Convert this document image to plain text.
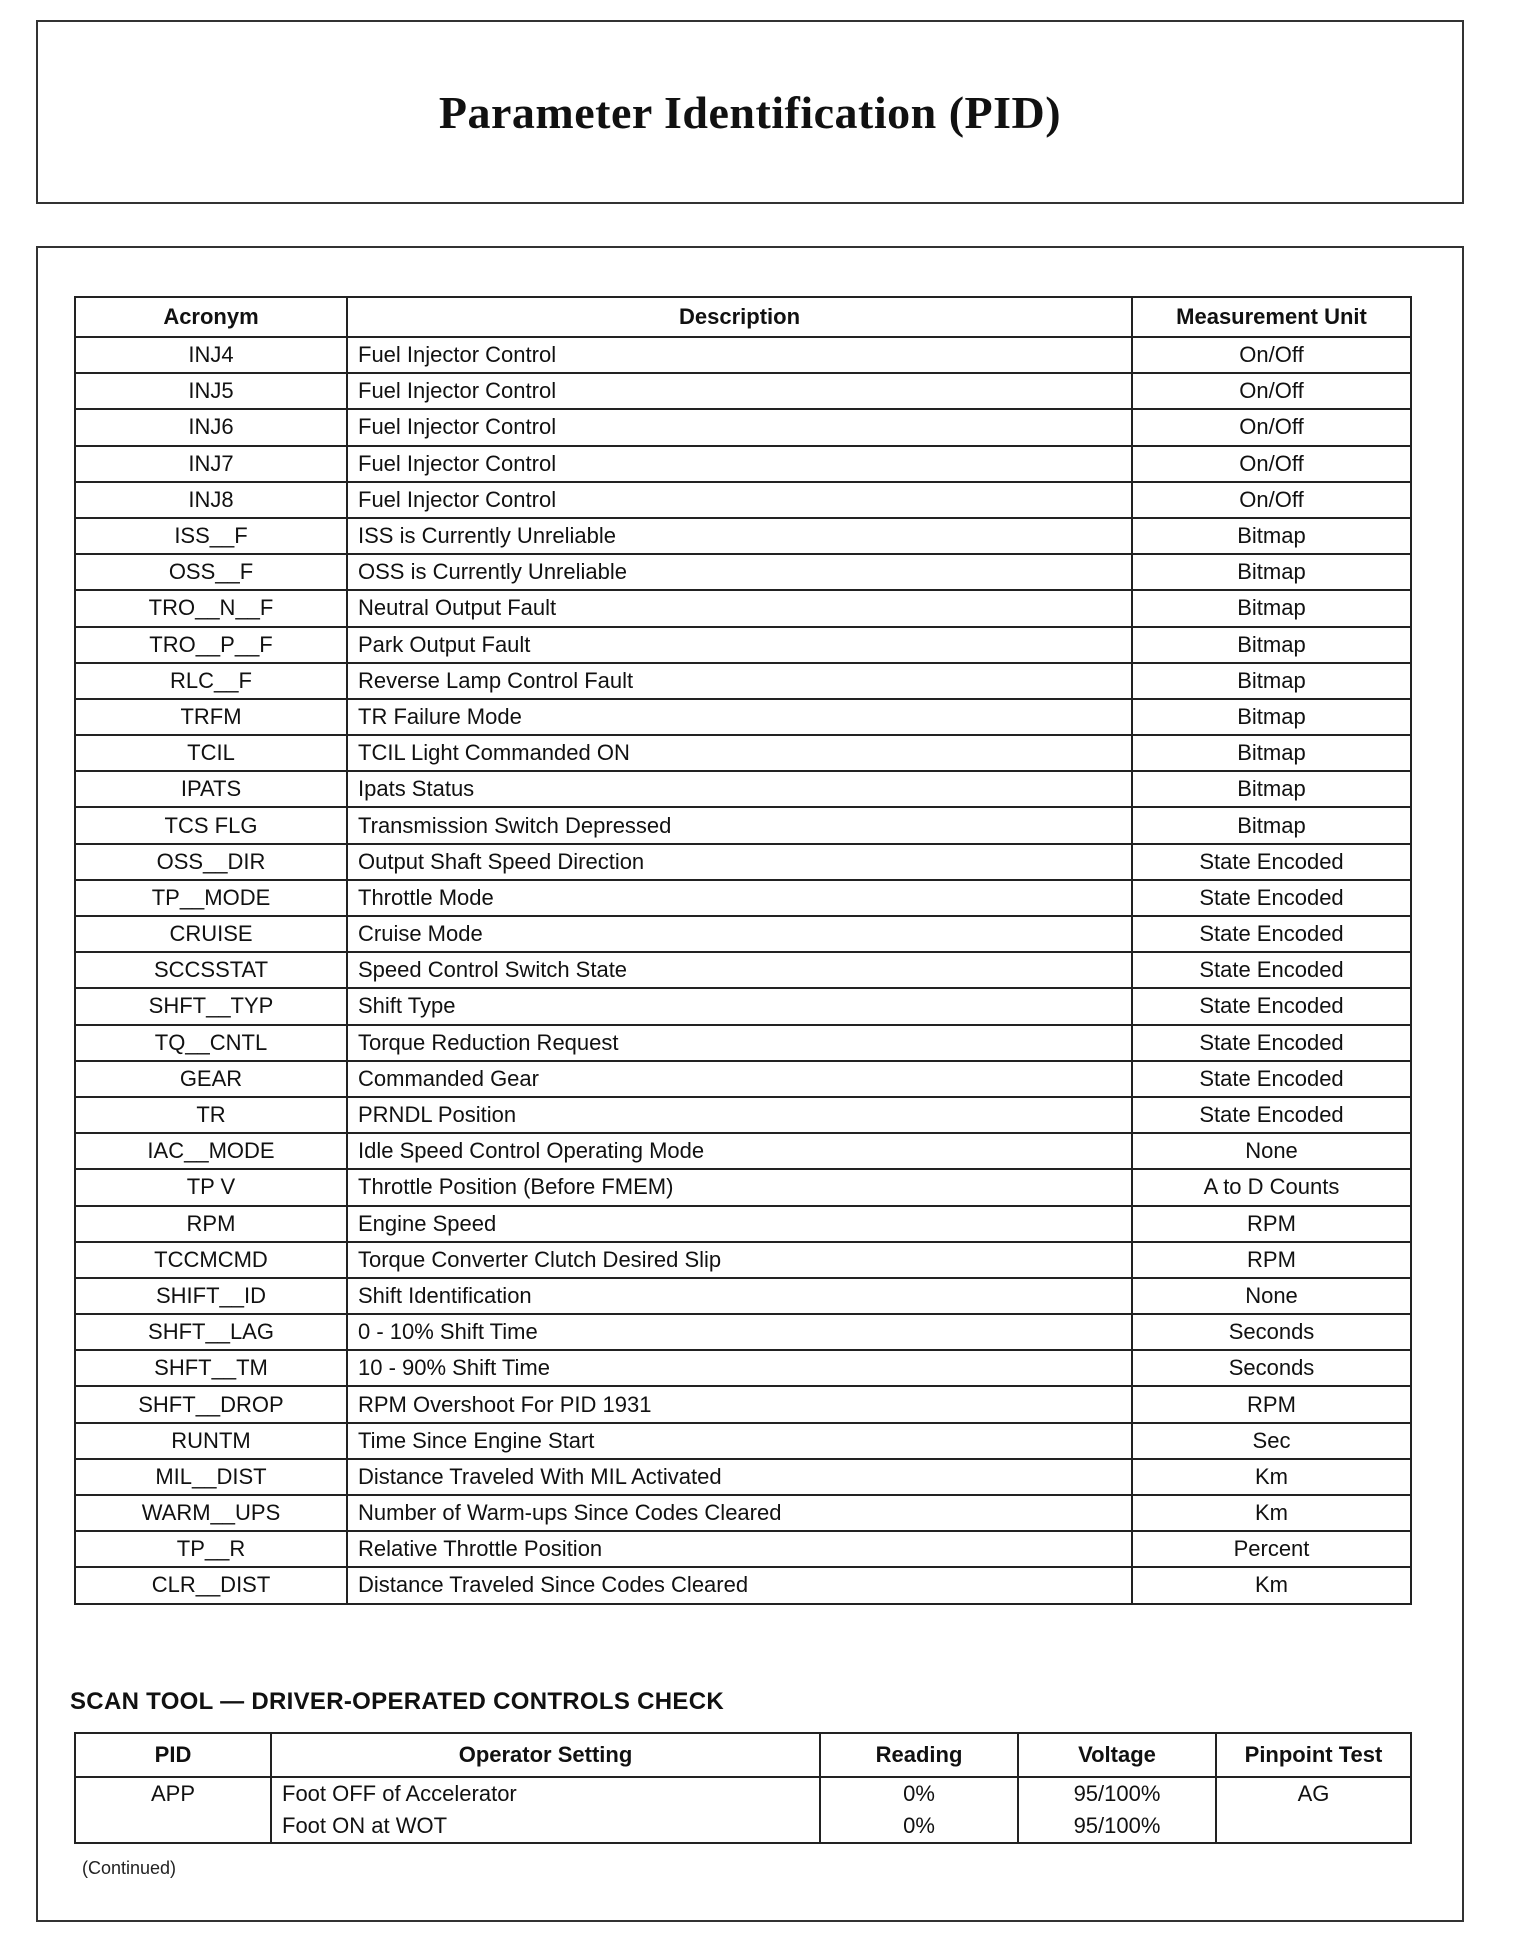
Parameter Identification (PID)
Acronym	Description	Measurement Unit
INJ4	Fuel Injector Control	On/Off
INJ5	Fuel Injector Control	On/Off
INJ6	Fuel Injector Control	On/Off
INJ7	Fuel Injector Control	On/Off
INJ8	Fuel Injector Control	On/Off
ISS__F	ISS is Currently Unreliable	Bitmap
OSS__F	OSS is Currently Unreliable	Bitmap
TRO__N__F	Neutral Output Fault	Bitmap
TRO__P__F	Park Output Fault	Bitmap
RLC__F	Reverse Lamp Control Fault	Bitmap
TRFM	TR Failure Mode	Bitmap
TCIL	TCIL Light Commanded ON	Bitmap
IPATS	Ipats Status	Bitmap
TCS FLG	Transmission Switch Depressed	Bitmap
OSS__DIR	Output Shaft Speed Direction	State Encoded
TP__MODE	Throttle Mode	State Encoded
CRUISE	Cruise Mode	State Encoded
SCCSSTAT	Speed Control Switch State	State Encoded
SHFT__TYP	Shift Type	State Encoded
TQ__CNTL	Torque Reduction Request	State Encoded
GEAR	Commanded Gear	State Encoded
TR	PRNDL Position	State Encoded
IAC__MODE	Idle Speed Control Operating Mode	None
TP V	Throttle Position (Before FMEM)	A to D Counts
RPM	Engine Speed	RPM
TCCMCMD	Torque Converter Clutch Desired Slip	RPM
SHIFT__ID	Shift Identification	None
SHFT__LAG	0 - 10% Shift Time	Seconds
SHFT__TM	10 - 90% Shift Time	Seconds
SHFT__DROP	RPM Overshoot For PID 1931	RPM
RUNTM	Time Since Engine Start	Sec
MIL__DIST	Distance Traveled With MIL Activated	Km
WARM__UPS	Number of Warm-ups Since Codes Cleared	Km
TP__R	Relative Throttle Position	Percent
CLR__DIST	Distance Traveled Since Codes Cleared	Km
SCAN TOOL — DRIVER-OPERATED CONTROLS CHECK
PID	Operator Setting	Reading	Voltage	Pinpoint Test
APP	Foot OFF of Accelerator	0%	95/100%	AG
	Foot ON at WOT	0%	95/100%	
(Continued)
